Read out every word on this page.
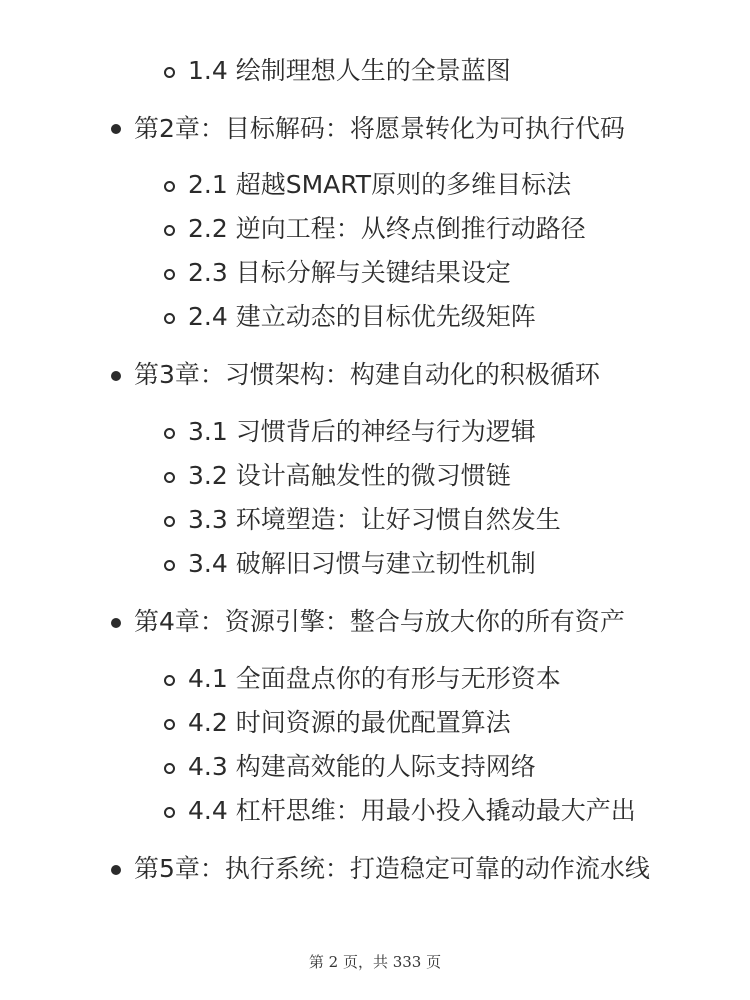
1.4 绘制理想人生的全景蓝图
第2章：目标解码：将愿景转化为可执行代码
2.1 超越SMART原则的多维目标法
2.2 逆向工程：从终点倒推行动路径
2.3 目标分解与关键结果设定
2.4 建立动态的目标优先级矩阵
第3章：习惯架构：构建自动化的积极循环
3.1 习惯背后的神经与行为逻辑
3.2 设计高触发性的微习惯链
3.3 环境塑造：让好习惯自然发生
3.4 破解旧习惯与建立韧性机制
第4章：资源引擎：整合与放大你的所有资产
4.1 全面盘点你的有形与无形资本
4.2 时间资源的最优配置算法
4.3 构建高效能的人际支持网络
4.4 杠杆思维：用最小投入撬动最大产出
第5章：执行系统：打造稳定可靠的动作流水线
第 2 页，共 333 页
